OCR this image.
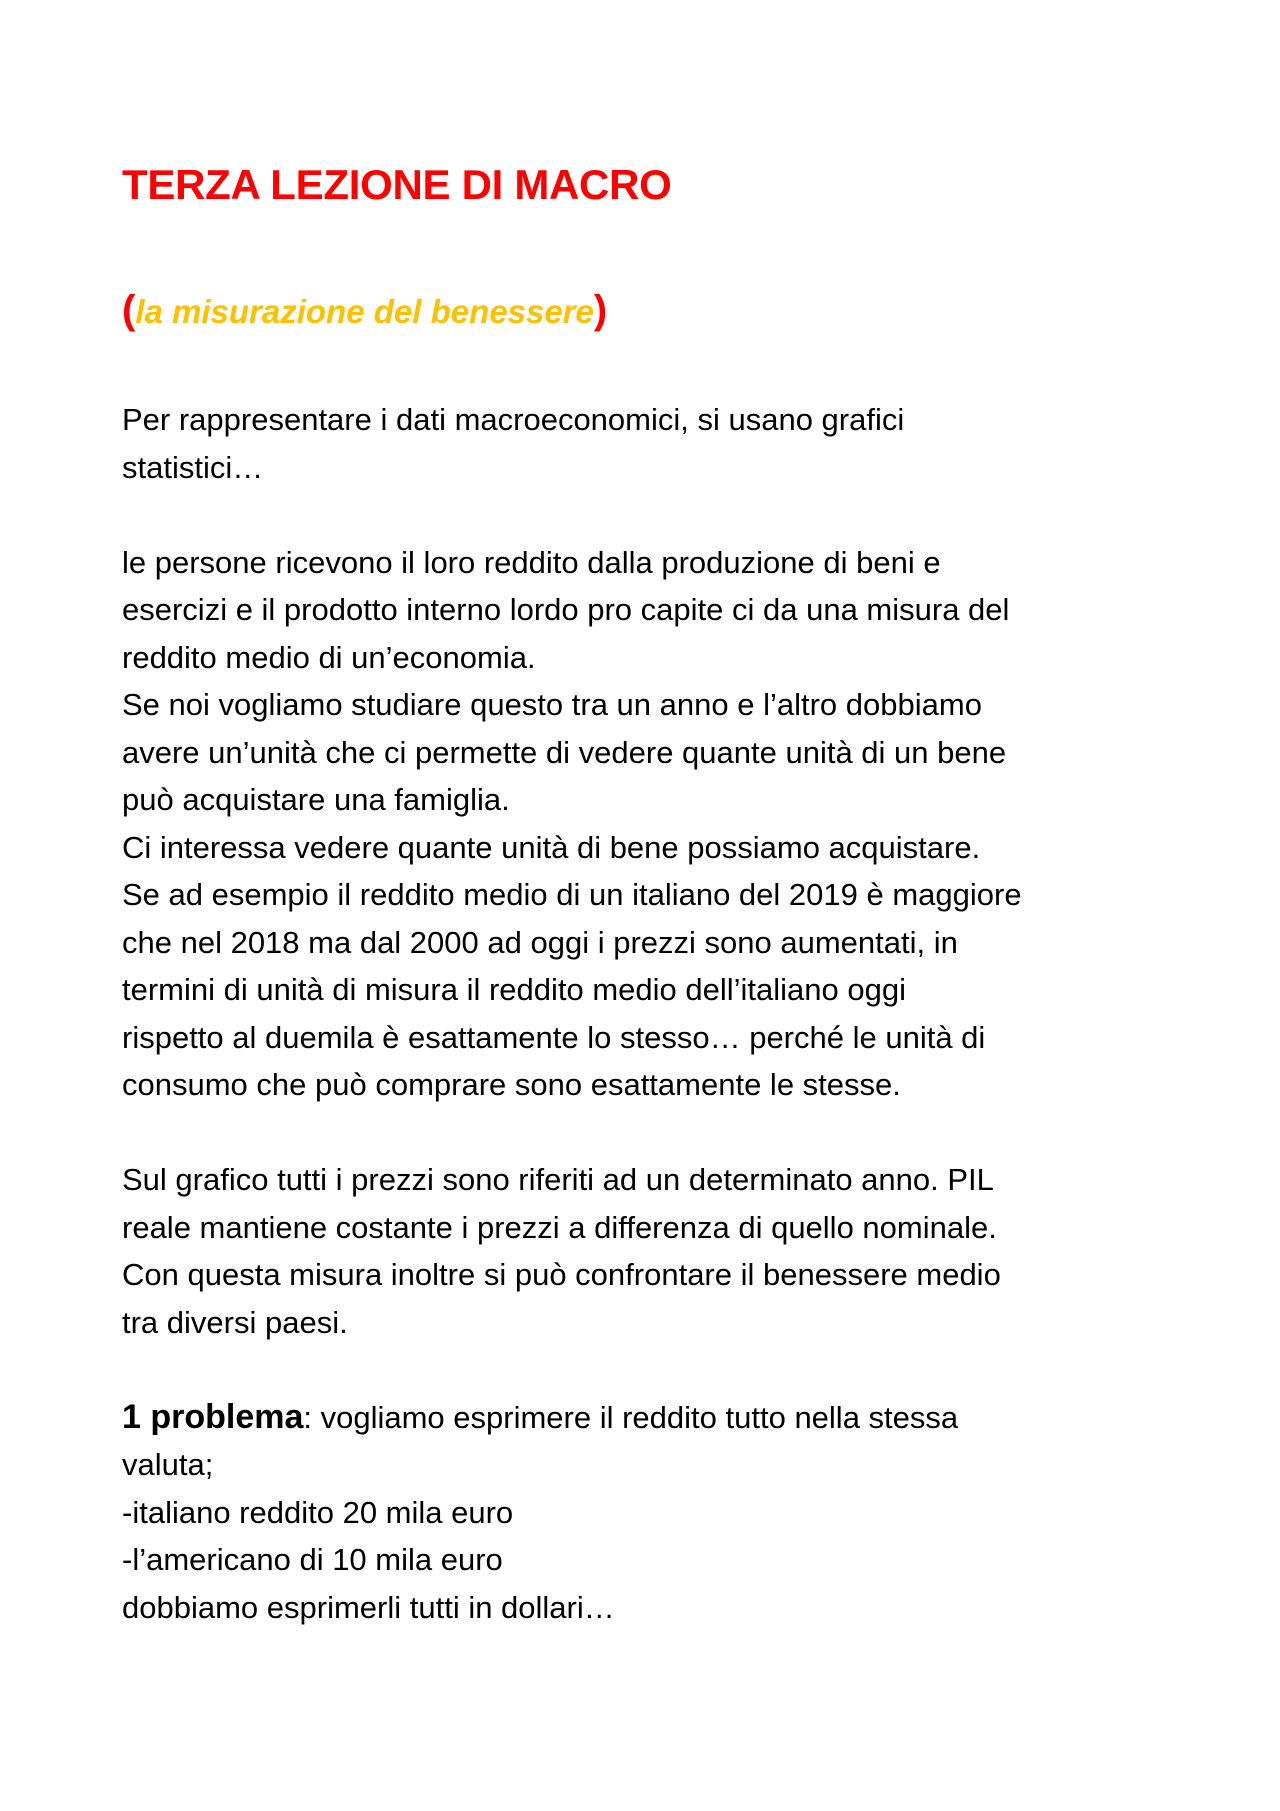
TERZA LEZIONE DI MACRO
(la misurazione del benessere)

Per rappresentare i dati macroeconomici, si usano grafici
statistici…

le persone ricevono il loro reddito dalla produzione di beni e
esercizi e il prodotto interno lordo pro capite ci da una misura del
reddito medio di un’economia.
Se noi vogliamo studiare questo tra un anno e l’altro dobbiamo
avere un’unità che ci permette di vedere quante unità di un bene
può acquistare una famiglia.
Ci interessa vedere quante unità di bene possiamo acquistare.
Se ad esempio il reddito medio di un italiano del 2019 è maggiore
che nel 2018 ma dal 2000 ad oggi i prezzi sono aumentati, in
termini di unità di misura il reddito medio dell’italiano oggi
rispetto al duemila è esattamente lo stesso… perché le unità di
consumo che può comprare sono esattamente le stesse.

Sul grafico tutti i prezzi sono riferiti ad un determinato anno. PIL
reale mantiene costante i prezzi a differenza di quello nominale.
Con questa misura inoltre si può confrontare il benessere medio
tra diversi paesi.

1 problema: vogliamo esprimere il reddito tutto nella stessa
valuta;
-italiano reddito 20 mila euro
-l’americano di 10 mila euro
dobbiamo esprimerli tutti in dollari…
